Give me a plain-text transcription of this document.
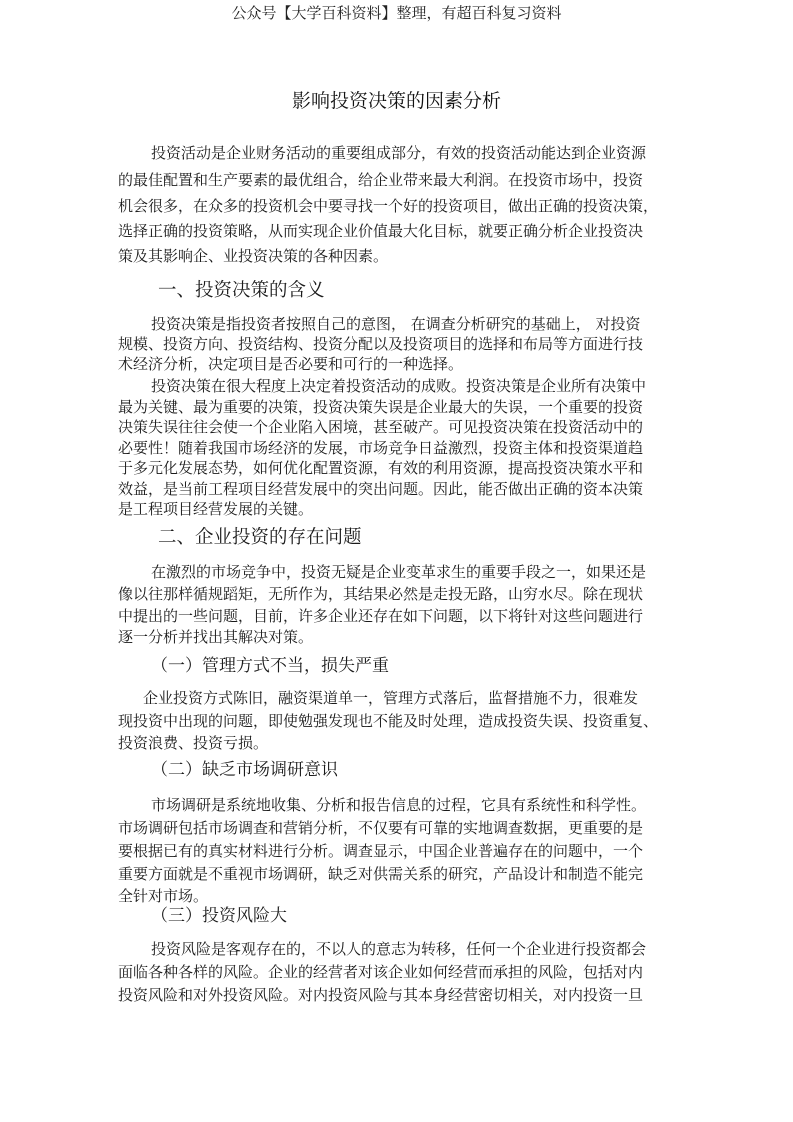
公众号【大学百科资料】整理，有超百科复习资料
影响投资决策的因素分析
投资活动是企业财务活动的重要组成部分，有效的投资活动能达到企业资源
的最佳配置和生产要素的最优组合，给企业带来最大利润。在投资市场中，投资
机会很多，在众多的投资机会中要寻找一个好的投资项目，做出正确的投资决策，
选择正确的投资策略，从而实现企业价值最大化目标，就要正确分析企业投资决
策及其影响企、业投资决策的各种因素。
一、投资决策的含义
投资决策是指投资者按照自己的意图， 在调查分析研究的基础上， 对投资
规模、投资方向、投资结构、投资分配以及投资项目的选择和布局等方面进行技
术经济分析，决定项目是否必要和可行的一种选择。
投资决策在很大程度上决定着投资活动的成败。投资决策是企业所有决策中
最为关键、最为重要的决策，投资决策失误是企业最大的失误，一个重要的投资
决策失误往往会使一个企业陷入困境，甚至破产。可见投资决策在投资活动中的
必要性！随着我国市场经济的发展，市场竞争日益激烈，投资主体和投资渠道趋
于多元化发展态势，如何优化配置资源，有效的利用资源，提高投资决策水平和
效益，是当前工程项目经营发展中的突出问题。因此，能否做出正确的资本决策
是工程项目经营发展的关键。
二、企业投资的存在问题
在激烈的市场竞争中，投资无疑是企业变革求生的重要手段之一，如果还是
像以往那样循规蹈矩，无所作为，其结果必然是走投无路，山穷水尽。除在现状
中提出的一些问题，目前，许多企业还存在如下问题，以下将针对这些问题进行
逐一分析并找出其解决对策。
（一）管理方式不当，损失严重
企业投资方式陈旧，融资渠道单一，管理方式落后，监督措施不力，很难发
现投资中出现的问题，即使勉强发现也不能及时处理，造成投资失误、投资重复、
投资浪费、投资亏损。
（二）缺乏市场调研意识
市场调研是系统地收集、分析和报告信息的过程，它具有系统性和科学性。
市场调研包括市场调查和营销分析，不仅要有可靠的实地调查数据，更重要的是
要根据已有的真实材料进行分析。调查显示，中国企业普遍存在的问题中，一个
重要方面就是不重视市场调研，缺乏对供需关系的研究，产品设计和制造不能完
全针对市场。
（三）投资风险大
投资风险是客观存在的，不以人的意志为转移，任何一个企业进行投资都会
面临各种各样的风险。企业的经营者对该企业如何经营而承担的风险，包括对内
投资风险和对外投资风险。对内投资风险与其本身经营密切相关，对内投资一旦
